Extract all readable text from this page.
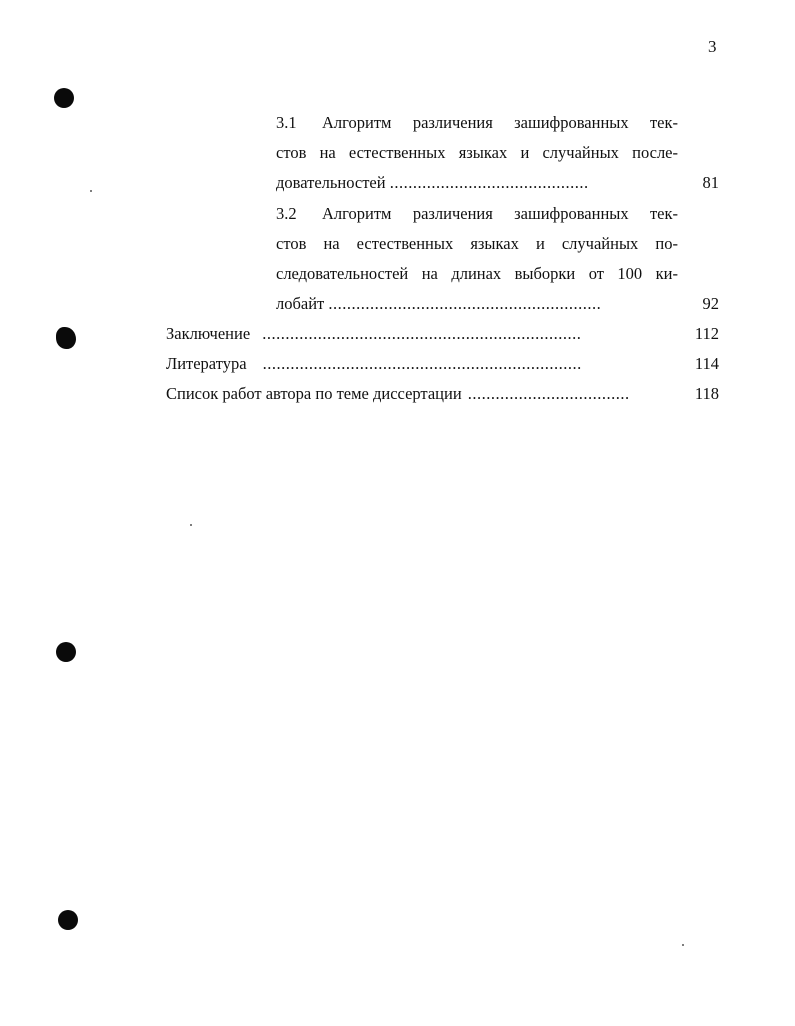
3
3.1 Алгоритм различения зашифрованных тек-
стов на естественных языках и случайных после-
довательностей ...........................................	81
3.2 Алгоритм различения зашифрованных тек-
стов на естественных языках и случайных по-
следовательностей на длинах выборки от 100 ки-
лобайт ...........................................................	92
Заключение .....................................................................	112
Литература .....................................................................	114
Список работ автора по теме диссертации ...................................	118
